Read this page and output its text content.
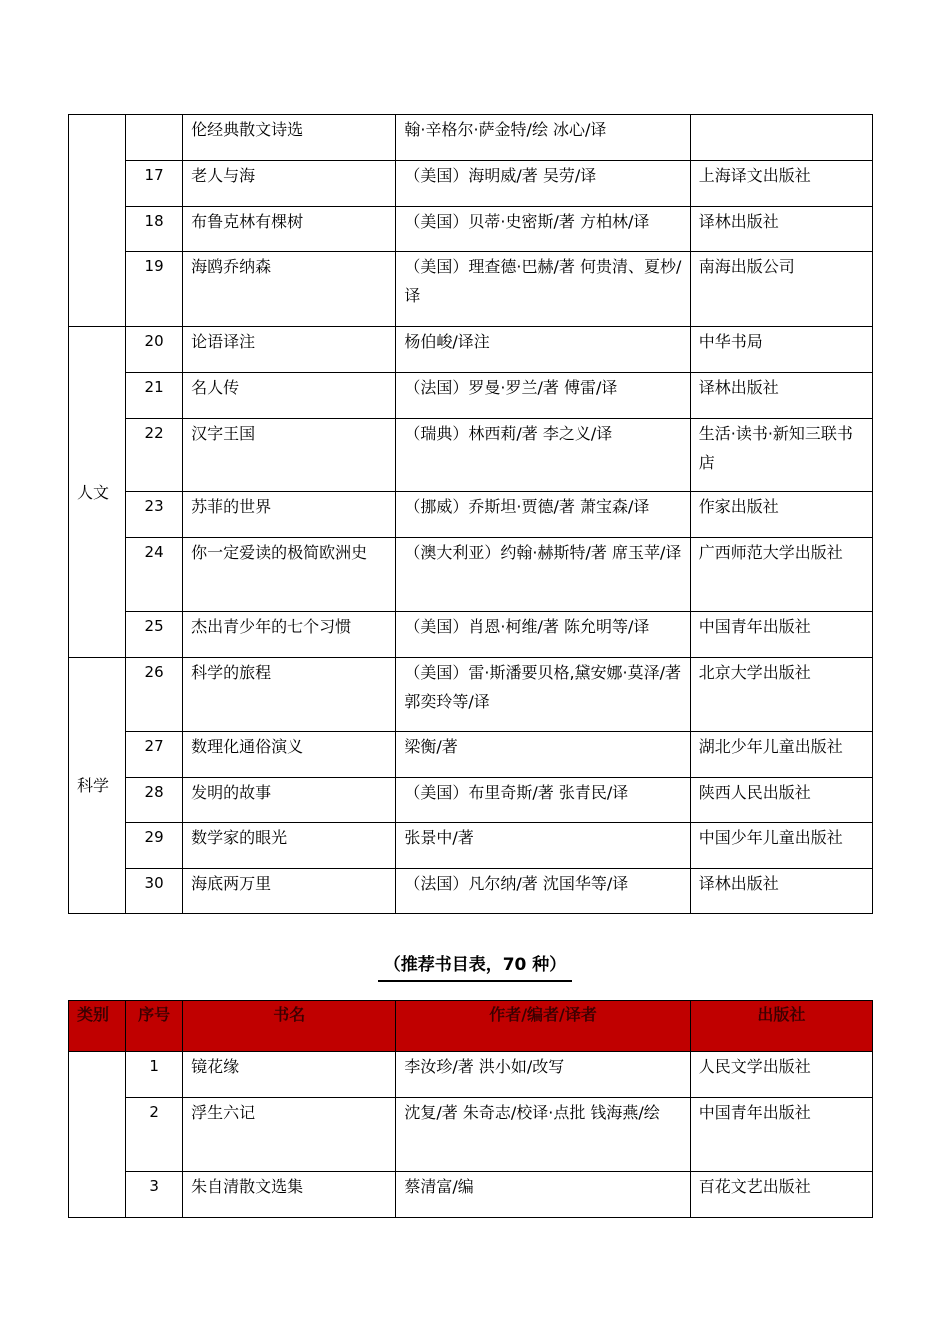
		伦经典散文诗选	翰·辛格尔·萨金特/绘 冰心/译	
	17	老人与海	（美国）海明威/著 吴劳/译	上海译文出版社
	18	布鲁克林有棵树	（美国）贝蒂·史密斯/著 方柏林/译	译林出版社
	19	海鸥乔纳森	（美国）理查德·巴赫/著 何贵清、夏杪/译	南海出版公司
人文	20	论语译注	杨伯峻/译注	中华书局
	21	名人传	（法国）罗曼·罗兰/著 傅雷/译	译林出版社
	22	汉字王国	（瑞典）林西莉/著 李之义/译	生活·读书·新知三联书店
	23	苏菲的世界	（挪威）乔斯坦·贾德/著 萧宝森/译	作家出版社
	24	你一定爱读的极简欧洲史	（澳大利亚）约翰·赫斯特/著 席玉苹/译	广西师范大学出版社
	25	杰出青少年的七个习惯	（美国）肖恩·柯维/著 陈允明等/译	中国青年出版社
科学	26	科学的旅程	（美国）雷·斯潘要贝格,黛安娜·莫泽/著 郭奕玲等/译	北京大学出版社
	27	数理化通俗演义	梁衡/著	湖北少年儿童出版社
	28	发明的故事	（美国）布里奇斯/著 张青民/译	陕西人民出版社
	29	数学家的眼光	张景中/著	中国少年儿童出版社
	30	海底两万里	（法国）凡尔纳/著 沈国华等/译	译林出版社
（推荐书目表，70 种）
类别	序号	书名	作者/编者/译者	出版社
	1	镜花缘	李汝珍/著 洪小如/改写	人民文学出版社
	2	浮生六记	沈复/著 朱奇志/校译·点批 钱海燕/绘	中国青年出版社
	3	朱自清散文选集	蔡清富/编	百花文艺出版社
